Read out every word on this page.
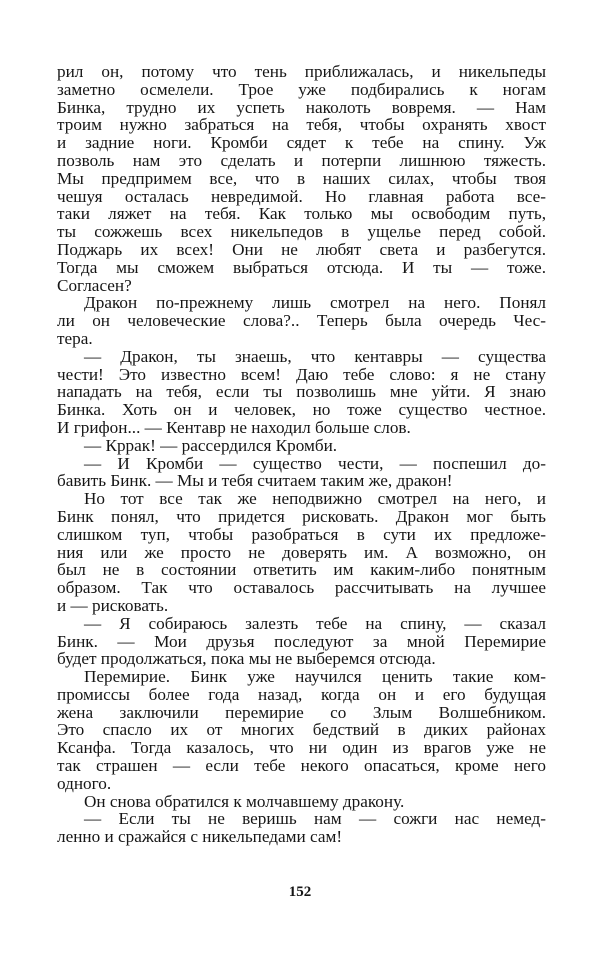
рил он, потому что тень приближалась, и никельпеды
заметно осмелели. Трое уже подбирались к ногам
Бинка, трудно их успеть наколоть вовремя. — Нам
троим нужно забраться на тебя, чтобы охранять хвост
и задние ноги. Кромби сядет к тебе на спину. Уж
позволь нам это сделать и потерпи лишнюю тяжесть.
Мы предпримем все, что в наших силах, чтобы твоя
чешуя осталась невредимой. Но главная работа все-
таки ляжет на тебя. Как только мы освободим путь,
ты сожжешь всех никельпедов в ущелье перед собой.
Поджарь их всех! Они не любят света и разбегутся.
Тогда мы сможем выбраться отсюда. И ты — тоже.
Согласен?
Дракон по-прежнему лишь смотрел на него. Понял
ли он человеческие слова?.. Теперь была очередь Чес-
тера.
— Дракон, ты знаешь, что кентавры — существа
чести! Это известно всем! Даю тебе слово: я не стану
нападать на тебя, если ты позволишь мне уйти. Я знаю
Бинка. Хоть он и человек, но тоже существо честное.
И грифон... — Кентавр не находил больше слов.
— Кррак! — рассердился Кромби.
— И Кромби — существо чести, — поспешил до-
бавить Бинк. — Мы и тебя считаем таким же, дракон!
Но тот все так же неподвижно смотрел на него, и
Бинк понял, что придется рисковать. Дракон мог быть
слишком туп, чтобы разобраться в сути их предложе-
ния или же просто не доверять им. А возможно, он
был не в состоянии ответить им каким-либо понятным
образом. Так что оставалось рассчитывать на лучшее
и — рисковать.
— Я собираюсь залезть тебе на спину, — сказал
Бинк. — Мои друзья последуют за мной Перемирие
будет продолжаться, пока мы не выберемся отсюда.
Перемирие. Бинк уже научился ценить такие ком-
промиссы более года назад, когда он и его будущая
жена заключили перемирие со Злым Волшебником.
Это спасло их от многих бедствий в диких районах
Ксанфа. Тогда казалось, что ни один из врагов уже не
так страшен — если тебе некого опасаться, кроме него
одного.
Он снова обратился к молчавшему дракону.
— Если ты не веришь нам — сожги нас немед-
ленно и сражайся с никельпедами сам!
152
